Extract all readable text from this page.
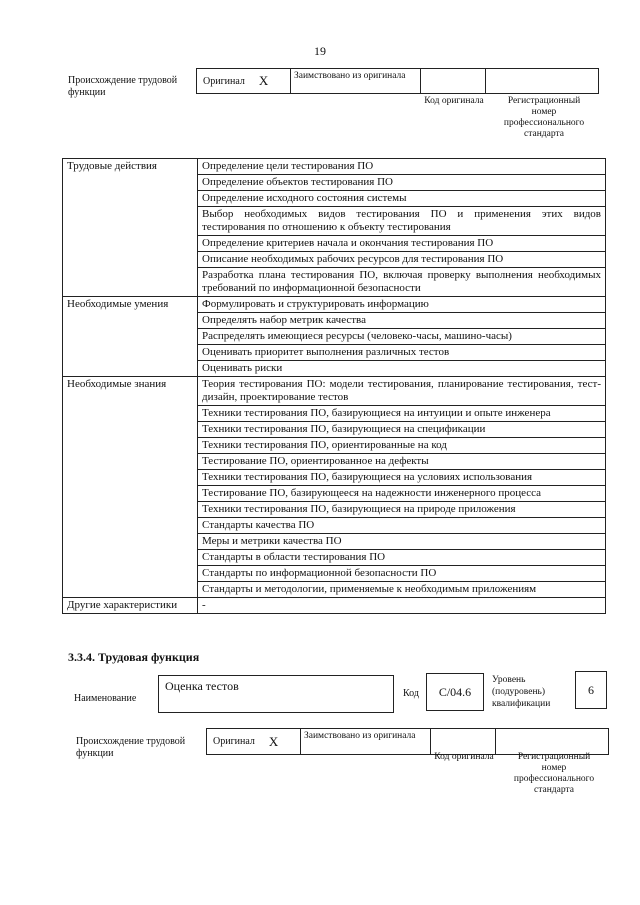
19
Происхождение трудовой функции
Оригинал X	Заимствовано из оригинала
Код оригинала	Регистрационный номер профессионального стандарта
Трудовые действия	Определение цели тестирования ПО
	Определение объектов тестирования ПО
	Определение исходного состояния системы
	Выбор необходимых видов тестирования ПО и применения этих видов тестирования по отношению к объекту тестирования
	Определение критериев начала и окончания тестирования ПО
	Описание необходимых рабочих ресурсов для тестирования ПО
	Разработка плана тестирования ПО, включая проверку выполнения необходимых требований по информационной безопасности
Необходимые умения	Формулировать и структурировать информацию
	Определять набор метрик качества
	Распределять имеющиеся ресурсы (человеко-часы, машино-часы)
	Оценивать приоритет выполнения различных тестов
	Оценивать риски
Необходимые знания	Теория тестирования ПО: модели тестирования, планирование тестирования, тест-дизайн, проектирование тестов
	Техники тестирования ПО, базирующиеся на интуиции и опыте инженера
	Техники тестирования ПО, базирующиеся на спецификации
	Техники тестирования ПО, ориентированные на код
	Тестирование ПО, ориентированное на дефекты
	Техники тестирования ПО, базирующиеся на условиях использования
	Тестирование ПО, базирующееся на надежности инженерного процесса
	Техники тестирования ПО, базирующиеся на природе приложения
	Стандарты качества ПО
	Меры и метрики качества ПО
	Стандарты в области тестирования ПО
	Стандарты по информационной безопасности ПО
	Стандарты и методологии, применяемые к необходимым приложениям
Другие характеристики	-
3.3.4. Трудовая функция
Наименование
Оценка тестов
Код	C/04.6
Уровень (подуровень) квалификации
6
Происхождение трудовой функции
Оригинал X	Заимствовано из оригинала
Код оригинала	Регистрационный номер профессионального стандарта
